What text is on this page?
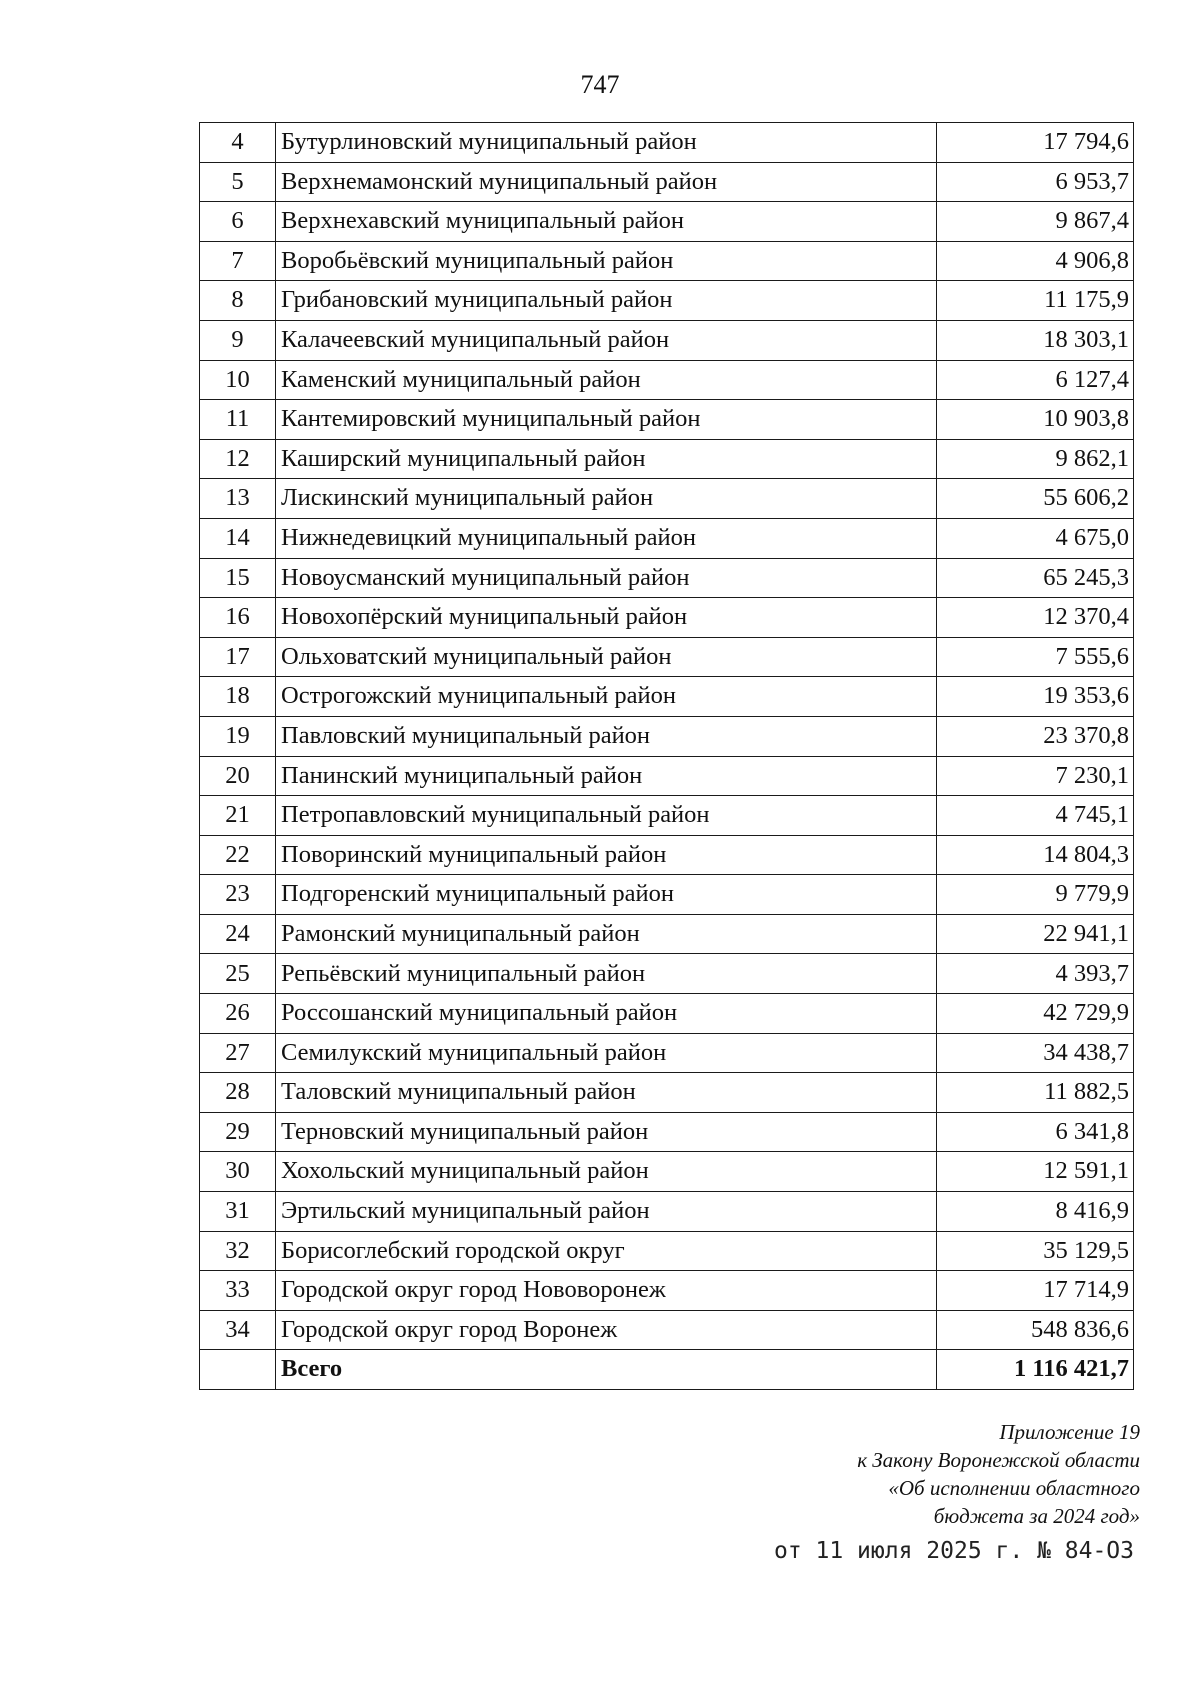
747
4	Бутурлиновский муниципальный район	17 794,6
5	Верхнемамонский муниципальный район	6 953,7
6	Верхнехавский муниципальный район	9 867,4
7	Воробьёвский муниципальный район	4 906,8
8	Грибановский муниципальный район	11 175,9
9	Калачеевский муниципальный район	18 303,1
10	Каменский муниципальный район	6 127,4
11	Кантемировский муниципальный район	10 903,8
12	Каширский муниципальный район	9 862,1
13	Лискинский муниципальный район	55 606,2
14	Нижнедевицкий муниципальный район	4 675,0
15	Новоусманский муниципальный район	65 245,3
16	Новохопёрский муниципальный район	12 370,4
17	Ольховатский муниципальный район	7 555,6
18	Острогожский муниципальный район	19 353,6
19	Павловский муниципальный район	23 370,8
20	Панинский муниципальный район	7 230,1
21	Петропавловский муниципальный район	4 745,1
22	Поворинский муниципальный район	14 804,3
23	Подгоренский муниципальный район	9 779,9
24	Рамонский муниципальный район	22 941,1
25	Репьёвский муниципальный район	4 393,7
26	Россошанский муниципальный район	42 729,9
27	Семилукский муниципальный район	34 438,7
28	Таловский муниципальный район	11 882,5
29	Терновский муниципальный район	6 341,8
30	Хохольский муниципальный район	12 591,1
31	Эртильский муниципальный район	8 416,9
32	Борисоглебский городской округ	35 129,5
33	Городской округ город Нововоронеж	17 714,9
34	Городской округ город Воронеж	548 836,6
	Всего	1 116 421,7
Приложение 19
к Закону Воронежской области
«Об исполнении областного
бюджета за 2024 год»
от 11 июля 2025 г. № 84-ОЗ
